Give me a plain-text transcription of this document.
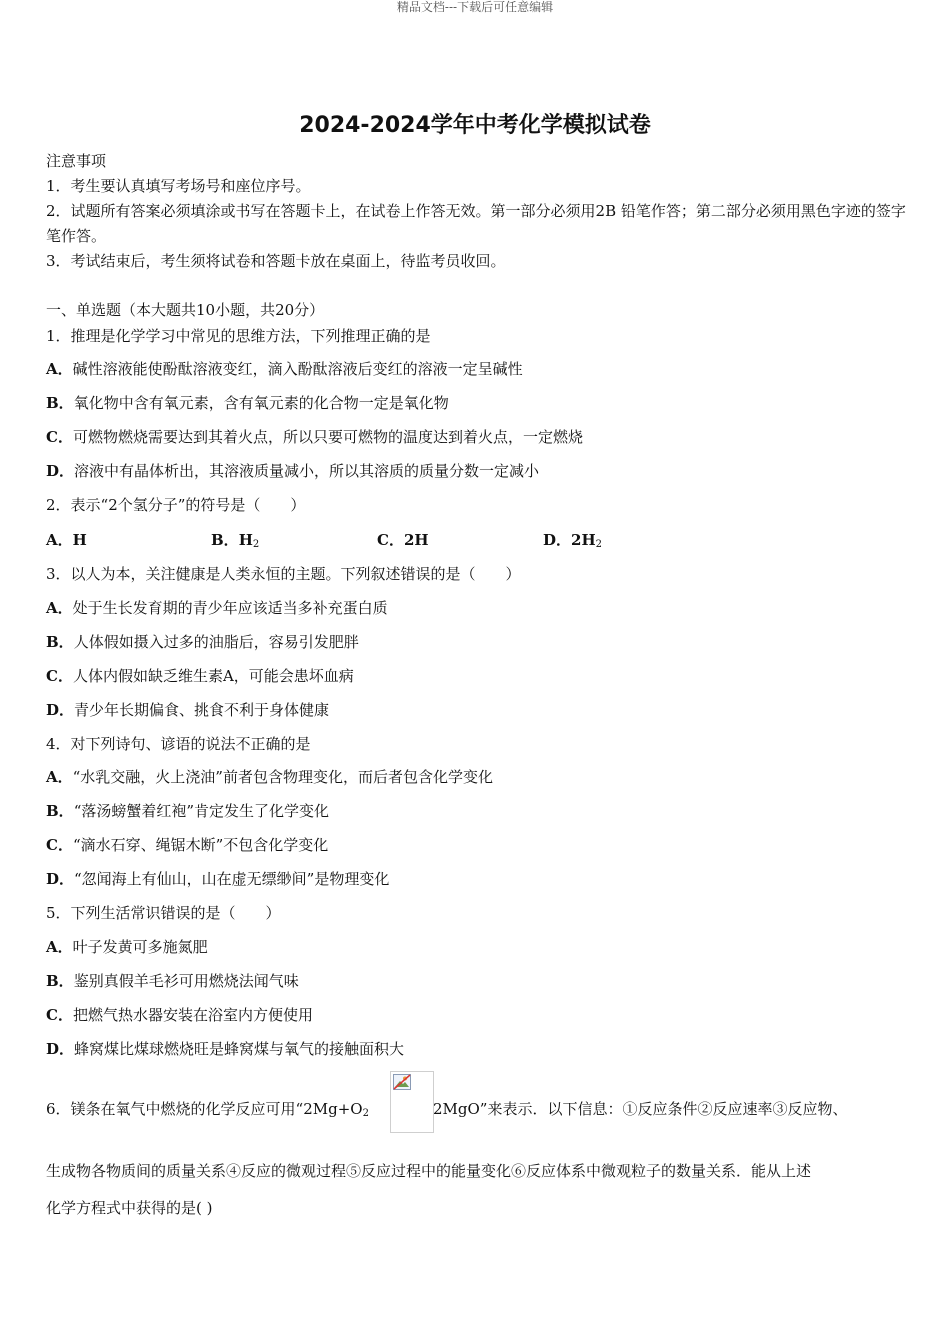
精品文档---下载后可任意编辑
2024-2024学年中考化学模拟试卷
注意事项
1．考生要认真填写考场号和座位序号。
2．试题所有答案必须填涂或书写在答题卡上，在试卷上作答无效。第一部分必须用2B 铅笔作答；第二部分必须用黑色字迹的签字笔作答。
3．考试结束后，考生须将试卷和答题卡放在桌面上，待监考员收回。
一、单选题（本大题共10小题，共20分）
1．推理是化学学习中常见的思维方法，下列推理正确的是
A．碱性溶液能使酚酞溶液变红，滴入酚酞溶液后变红的溶液一定呈碱性
B．氧化物中含有氧元素，含有氧元素的化合物一定是氧化物
C．可燃物燃烧需要达到其着火点，所以只要可燃物的温度达到着火点，一定燃烧
D．溶液中有晶体析出，其溶液质量减小，所以其溶质的质量分数一定减小
2．表示“2个氢分子”的符号是（　　）
A．H	B．$H_2$	C．2H	D．$2H_2$
3．以人为本，关注健康是人类永恒的主题。下列叙述错误的是（　　）
A．处于生长发育期的青少年应该适当多补充蛋白质
B．人体假如摄入过多的油脂后，容易引发肥胖
C．人体内假如缺乏维生素A，可能会患坏血病
D．青少年长期偏食、挑食不利于身体健康
4．对下列诗句、谚语的说法不正确的是
A．“水乳交融，火上浇油”前者包含物理变化，而后者包含化学变化
B．“落汤螃蟹着红袍”肯定发生了化学变化
C．“滴水石穿、绳锯木断”不包含化学变化
D．“忽闻海上有仙山，山在虚无缥缈间”是物理变化
5．下列生活常识错误的是（　　）
A．叶子发黄可多施氮肥
B．鉴别真假羊毛衫可用燃烧法闻气味
C．把燃气热水器安装在浴室内方便使用
D．蜂窝煤比煤球燃烧旺是蜂窝煤与氧气的接触面积大
6．镁条在氧气中燃烧的化学反应可用“$2Mg+O_2$	2MgO”来表示．以下信息：①反应条件②反应速率③反应物、
生成物各物质间的质量关系④反应的微观过程⑤反应过程中的能量变化⑥反应体系中微观粒子的数量关系．能从上述
化学方程式中获得的是( )
